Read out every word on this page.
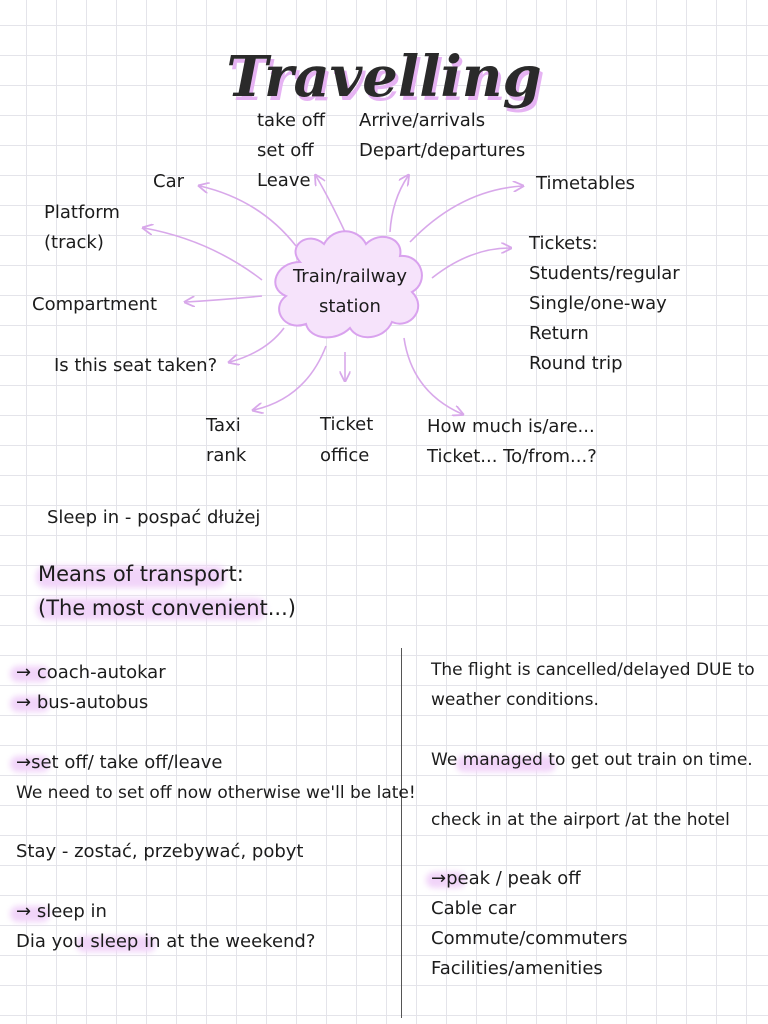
Travelling
Train/railway
station
take off
set off
Leave
Arrive/arrivals
Depart/departures
Car	Timetables
Platform
(track)	Tickets:
Students/regular
Single/one-way
Return
Round trip
Compartment
Is this seat taken?
Taxi
rank
Ticket
office
How much is/are...
Ticket... To/from...?
Sleep in - pospać dłużej
Means of transport:
(The most convenient...)
→ coach-autokar
→ bus-autobus
→set off/ take off/leave
We need to set off now otherwise we'll be late!
Stay - zostać, przebywać, pobyt
→ sleep in
Dia you sleep in at the weekend?
The flight is cancelled/delayed DUE to
weather conditions.
We managed to get out train on time.
check in at the airport /at the hotel
→peak / peak off
Cable car
Commute/commuters
Facilities/amenities
